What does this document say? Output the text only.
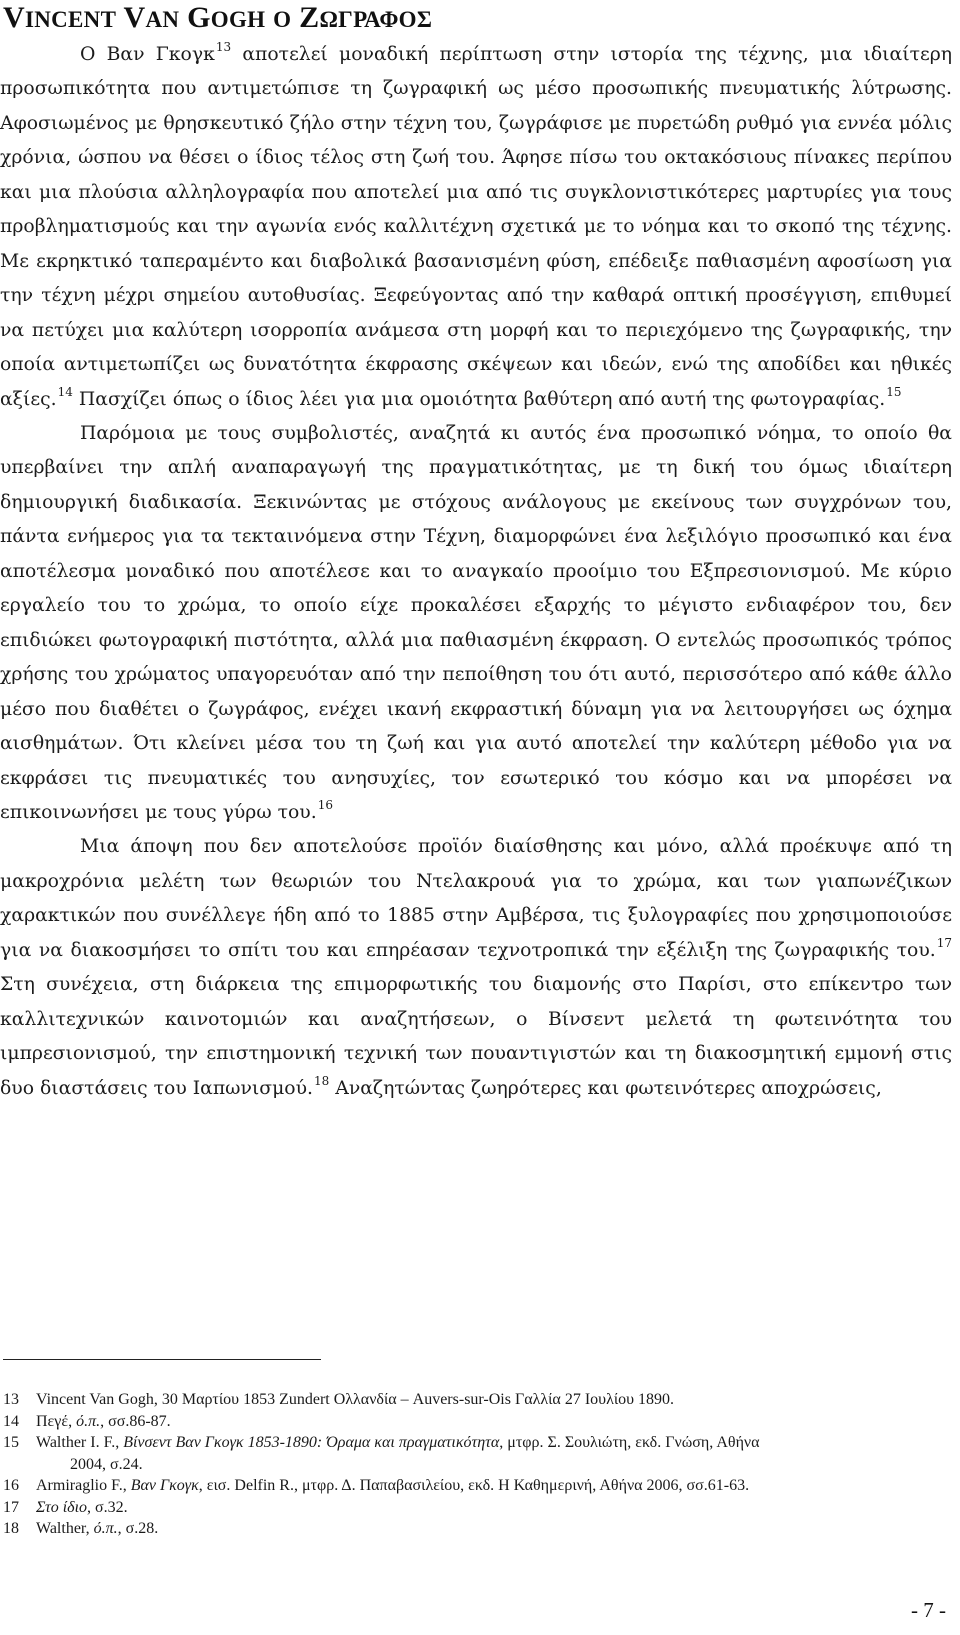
VINCENT VAN GOGH O ΖΩΓΡΑΦΟΣ

Ο Βαν Γκογκ$^{13}$ αποτελεί μοναδική περίπτωση στην ιστορία της τέχνης, μια ιδιαίτερη προσωπικότητα που αντιμετώπισε τη ζωγραφική ως μέσο προσωπικής πνευματικής λύτρωσης. Αφοσιωμένος με θρησκευτικό ζήλο στην τέχνη του, ζωγράφισε με πυρετώδη ρυθμό για εννέα μόλις χρόνια, ώσπου να θέσει ο ίδιος τέλος στη ζωή του. Άφησε πίσω του οκτακόσιους πίνακες περίπου και μια πλούσια αλληλογραφία που αποτελεί μια από τις συγκλονιστικότερες μαρτυρίες για τους προβληματισμούς και την αγωνία ενός καλλιτέχνη σχετικά με το νόημα και το σκοπό της τέχνης. Με εκρηκτικό ταπεραμέντο και διαβολικά βασανισμένη φύση, επέδειξε παθιασμένη αφοσίωση για την τέχνη μέχρι σημείου αυτοθυσίας. Ξεφεύγοντας από την καθαρά οπτική προσέγγιση, επιθυμεί να πετύχει μια καλύτερη ισορροπία ανάμεσα στη μορφή και το περιεχόμενο της ζωγραφικής, την οποία αντιμετωπίζει ως δυνατότητα έκφρασης σκέψεων και ιδεών, ενώ της αποδίδει και ηθικές αξίες.$^{14}$ Πασχίζει όπως ο ίδιος λέει για μια ομοιότητα βαθύτερη από αυτή της φωτογραφίας.$^{15}$

Παρόμοια με τους συμβολιστές, αναζητά κι αυτός ένα προσωπικό νόημα, το οποίο θα υπερβαίνει την απλή αναπαραγωγή της πραγματικότητας, με τη δική του όμως ιδιαίτερη δημιουργική διαδικασία. Ξεκινώντας με στόχους ανάλογους με εκείνους των συγχρόνων του, πάντα ενήμερος για τα τεκταινόμενα στην Τέχνη, διαμορφώνει ένα λεξιλόγιο προσωπικό και ένα αποτέλεσμα μοναδικό που αποτέλεσε και το αναγκαίο προοίμιο του Εξπρεσιονισμού. Με κύριο εργαλείο του το χρώμα, το οποίο είχε προκαλέσει εξαρχής το μέγιστο ενδιαφέρον του, δεν επιδιώκει φωτογραφική πιστότητα, αλλά μια παθιασμένη έκφραση. Ο εντελώς προσωπικός τρόπος χρήσης του χρώματος υπαγορευόταν από την πεποίθηση του ότι αυτό, περισσότερο από κάθε άλλο μέσο που διαθέτει ο ζωγράφος, ενέχει ικανή εκφραστική δύναμη για να λειτουργήσει ως όχημα αισθημάτων. Ότι κλείνει μέσα του τη ζωή και για αυτό αποτελεί την καλύτερη μέθοδο για να εκφράσει τις πνευματικές του ανησυχίες, τον εσωτερικό του κόσμο και να μπορέσει να επικοινωνήσει με τους γύρω του.$^{16}$

Μια άποψη που δεν αποτελούσε προϊόν διαίσθησης και μόνο, αλλά προέκυψε από τη μακροχρόνια μελέτη των θεωριών του Ντελακρουά για το χρώμα, και των γιαπωνέζικων χαρακτικών που συνέλλεγε ήδη από το 1885 στην Αμβέρσα, τις ξυλογραφίες που χρησιμοποιούσε για να διακοσμήσει το σπίτι του και επηρέασαν τεχνοτροπικά την εξέλιξη της ζωγραφικής του.$^{17}$ Στη συνέχεια, στη διάρκεια της επιμορφωτικής του διαμονής στο Παρίσι, στο επίκεντρο των καλλιτεχνικών καινοτομιών και αναζητήσεων, ο Βίνσεντ μελετά τη φωτεινότητα του ιμπρεσιονισμού, την επιστημονική τεχνική των πουαντιγιστών και τη διακοσμητική εμμονή στις δυο διαστάσεις του Ιαπωνισμού.$^{18}$ Αναζητώντας ζωηρότερες και φωτεινότερες αποχρώσεις,

13	Vincent Van Gogh, 30 Μαρτίου 1853 Zundert Ολλανδία – Auvers-sur-Ois Γαλλία 27 Ιουλίου 1890.
14	Πεγέ, ό.π., σσ.86-87.
15	Walther I. F., Βίνσεντ Βαν Γκογκ 1853-1890: Όραμα και πραγματικότητα, μτφρ. Σ. Σουλιώτη, εκδ. Γνώση, Αθήνα
2004, σ.24.
16	Armiraglio F., Βαν Γκογκ, εισ. Delfin R., μτφρ. Δ. Παπαβασιλείου, εκδ. Η Καθημερινή, Αθήνα 2006, σσ.61-63.
17	Στο ίδιο, σ.32.
18	Walther, ό.π., σ.28.
- 7 -
